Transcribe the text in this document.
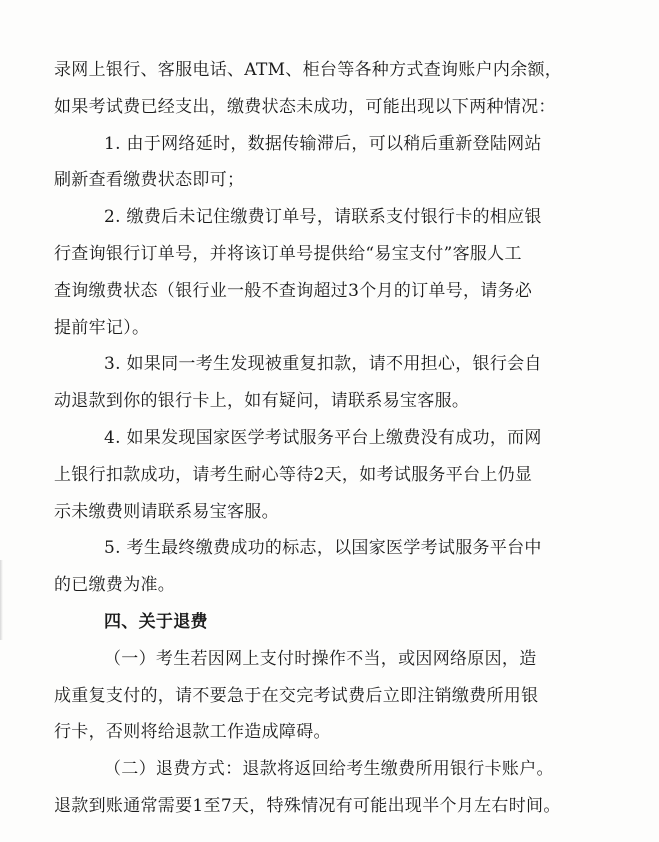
录网上银行、客服电话、ATM、柜台等各种方式查询账户内余额，
如果考试费已经支出，缴费状态未成功，可能出现以下两种情况：
1. 由于网络延时，数据传输滞后，可以稍后重新登陆网站
刷新查看缴费状态即可；
2. 缴费后未记住缴费订单号，请联系支付银行卡的相应银
行查询银行订单号，并将该订单号提供给“易宝支付”客服人工
查询缴费状态（银行业一般不查询超过3个月的订单号，请务必
提前牢记）。
3. 如果同一考生发现被重复扣款，请不用担心，银行会自
动退款到你的银行卡上，如有疑问，请联系易宝客服。
4. 如果发现国家医学考试服务平台上缴费没有成功，而网
上银行扣款成功，请考生耐心等待2天，如考试服务平台上仍显
示未缴费则请联系易宝客服。
5. 考生最终缴费成功的标志，以国家医学考试服务平台中
的已缴费为准。
四、关于退费
（一）考生若因网上支付时操作不当，或因网络原因，造
成重复支付的，请不要急于在交完考试费后立即注销缴费所用银
行卡，否则将给退款工作造成障碍。
（二）退费方式：退款将返回给考生缴费所用银行卡账户。
退款到账通常需要1至7天，特殊情况有可能出现半个月左右时间。
